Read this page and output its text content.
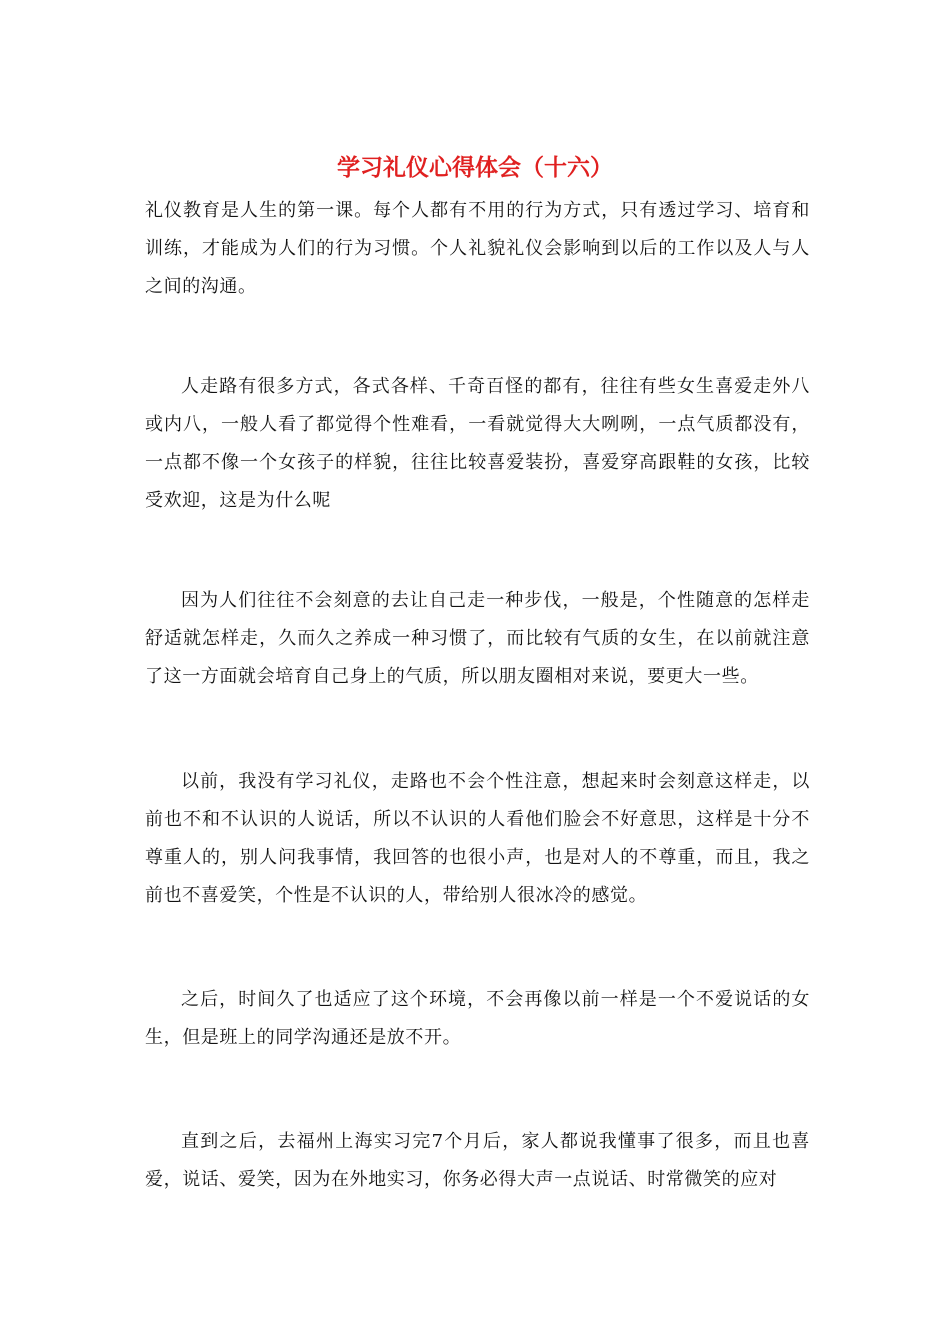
学习礼仪心得体会（十六）

礼仪教育是人生的第一课。每个人都有不用的行为方式，只有透过学习、培育和训练，才能成为人们的行为习惯。个人礼貌礼仪会影响到以后的工作以及人与人之间的沟通。

人走路有很多方式，各式各样、千奇百怪的都有，往往有些女生喜爱走外八或内八，一般人看了都觉得个性难看，一看就觉得大大咧咧，一点气质都没有，一点都不像一个女孩子的样貌，往往比较喜爱装扮，喜爱穿高跟鞋的女孩，比较受欢迎，这是为什么呢

因为人们往往不会刻意的去让自己走一种步伐，一般是，个性随意的怎样走舒适就怎样走，久而久之养成一种习惯了，而比较有气质的女生，在以前就注意了这一方面就会培育自己身上的气质，所以朋友圈相对来说，要更大一些。

以前，我没有学习礼仪，走路也不会个性注意，想起来时会刻意这样走，以前也不和不认识的人说话，所以不认识的人看他们脸会不好意思，这样是十分不尊重人的，别人问我事情，我回答的也很小声，也是对人的不尊重，而且，我之前也不喜爱笑，个性是不认识的人，带给别人很冰冷的感觉。

之后，时间久了也适应了这个环境，不会再像以前一样是一个不爱说话的女生，但是班上的同学沟通还是放不开。

直到之后，去福州上海实习完7个月后，家人都说我懂事了很多，而且也喜爱，说话、爱笑，因为在外地实习，你务必得大声一点说话、时常微笑的应对
